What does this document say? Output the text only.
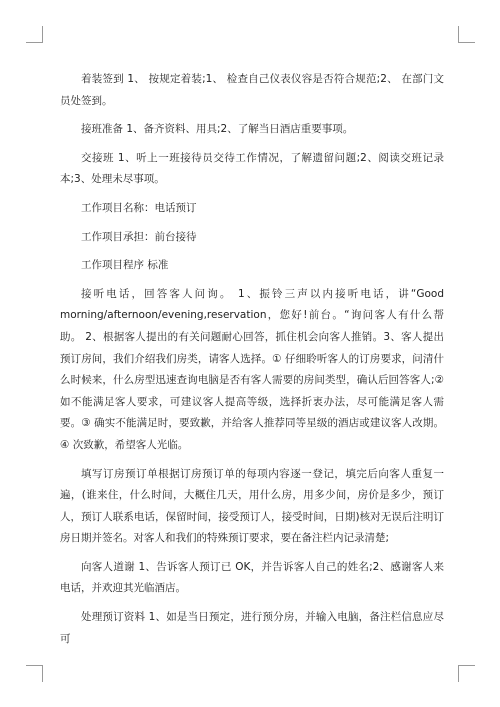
着装签到 1、 按规定着装;1、 检查自己仪表仪容是否符合规范;2、 在部门文员处签到。

接班准备 1、备齐资料、用具;2、了解当日酒店重要事项。

交接班 1、听上一班接待员交待工作情况，了解遗留问题;2、阅读交班记录本;3、处理未尽事项。

工作项目名称：电话预订

工作项目承担：前台接待

工作项目程序 标准

接听电话，回答客人问询。 1、振铃三声以内接听电话，讲“Good morning/afternoon/evening,reservation，您好!前台。“询问客人有什么帮助。 2、根据客人提出的有关问题耐心回答，抓住机会向客人推销。3、客人提出预订房间，我们介绍我们房类，请客人选择。① 仔细聆听客人的订房要求，问清什么时候来，什么房型迅速查询电脑是否有客人需要的房间类型，确认后回答客人;② 如不能满足客人要求，可建议客人提高等级，选择折衷办法，尽可能满足客人需要。③ 确实不能满足时，要致歉，并给客人推荐同等星级的酒店或建议客人改期。④ 次致歉，希望客人光临。

填写订房预订单根据订房预订单的每项内容逐一登记，填完后向客人重复一遍，(谁来住，什么时间，大概住几天，用什么房，用多少间，房价是多少，预订人，预订人联系电话，保留时间，接受预订人，接受时间，日期)核对无误后注明订房日期并签名。对客人和我们的特殊预订要求，要在备注栏内记录清楚;

向客人道谢 1、告诉客人预订已 OK，并告诉客人自己的姓名;2、感谢客人来电话，并欢迎其光临酒店。

处理预订资料 1、如是当日预定，进行预分房，并输入电脑，备注栏信息应尽可
